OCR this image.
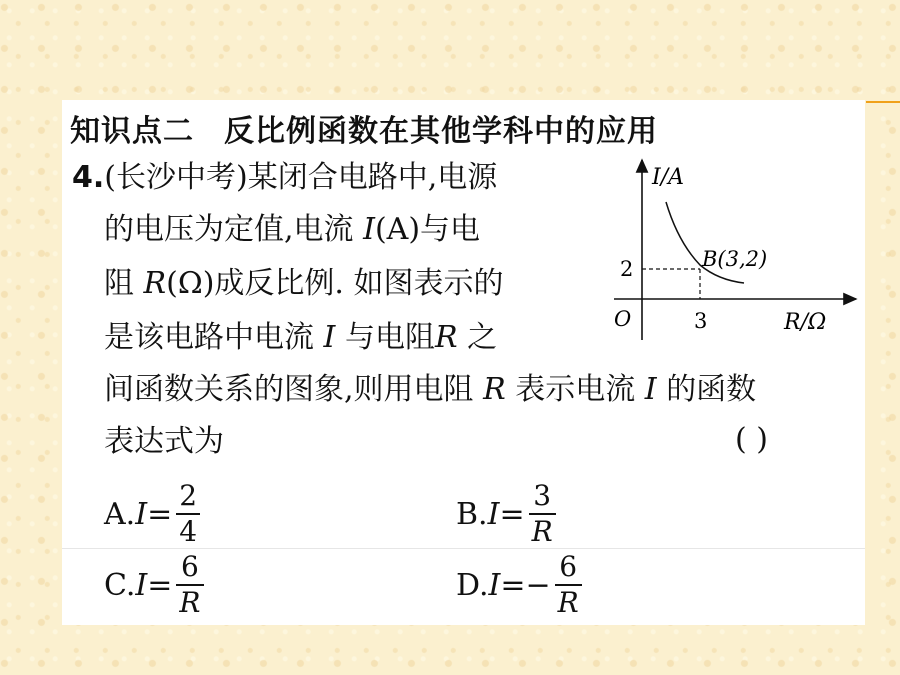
知识点二 反比例函数在其他学科中的应用
4.(长沙中考)某闭合电路中,电源
的电压为定值,电流 I(A)与电
阻 R(Ω)成反比例. 如图表示的
是该电路中电流 I 与电阻R 之
间函数关系的图象,则用电阻 R 表示电流 I 的函数
表达式为	( )
I/A
B(3,2)
2
O	3	R/Ω
A. $I = \frac{2}{4}$	B. $I = \frac{3}{R}$
C. $I = \frac{6}{R}$	D. I = − $\frac{6}{R}$
